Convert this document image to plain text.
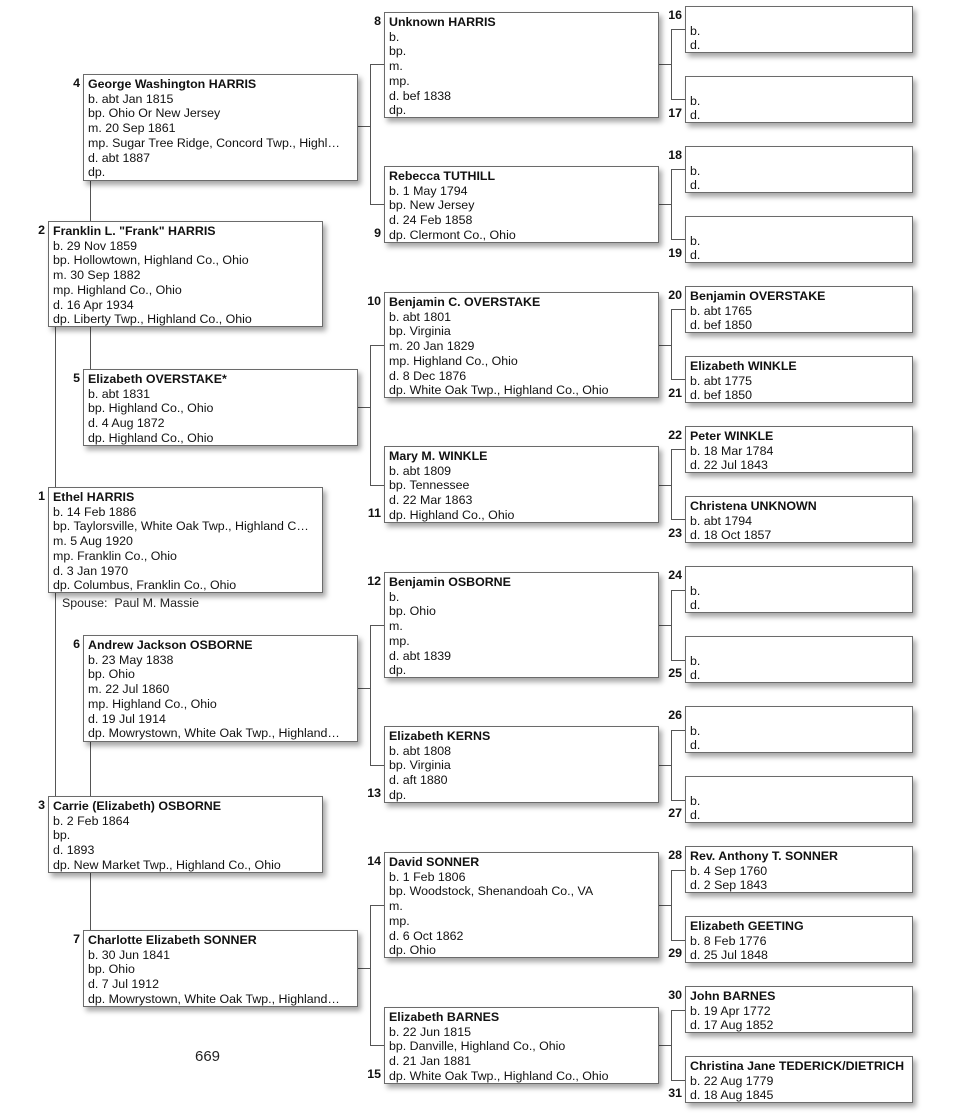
Ethel HARRIS
b. 14 Feb 1886
bp. Taylorsville, White Oak Twp., Highland C…
m. 5 Aug 1920
mp. Franklin Co., Ohio
d. 3 Jan 1970
dp. Columbus, Franklin Co., Ohio
1
Franklin L. "Frank" HARRIS
b. 29 Nov 1859
bp. Hollowtown, Highland Co., Ohio
m. 30 Sep 1882
mp. Highland Co., Ohio
d. 16 Apr 1934
dp. Liberty Twp., Highland Co., Ohio
2
Carrie (Elizabeth) OSBORNE
b. 2 Feb 1864
bp.
d. 1893
dp. New Market Twp., Highland Co., Ohio
3
George Washington HARRIS
b. abt Jan 1815
bp. Ohio Or New Jersey
m. 20 Sep 1861
mp. Sugar Tree Ridge, Concord Twp., Highl…
d. abt 1887
dp.
4
Elizabeth OVERSTAKE*
b. abt 1831
bp. Highland Co., Ohio
d. 4 Aug 1872
dp. Highland Co., Ohio
5
Andrew Jackson OSBORNE
b. 23 May 1838
bp. Ohio
m. 22 Jul 1860
mp. Highland Co., Ohio
d. 19 Jul 1914
dp. Mowrystown, White Oak Twp., Highland…
6
Charlotte Elizabeth SONNER
b. 30 Jun 1841
bp. Ohio
d. 7 Jul 1912
dp. Mowrystown, White Oak Twp., Highland…
7
Unknown HARRIS
b.
bp.
m.
mp.
d. bef 1838
dp.
8
Rebecca TUTHILL
b. 1 May 1794
bp. New Jersey
d. 24 Feb 1858
dp. Clermont Co., Ohio
9
Benjamin C. OVERSTAKE
b. abt 1801
bp. Virginia
m. 20 Jan 1829
mp. Highland Co., Ohio
d. 8 Dec 1876
dp. White Oak Twp., Highland Co., Ohio
10
Mary M. WINKLE
b. abt 1809
bp. Tennessee
d. 22 Mar 1863
dp. Highland Co., Ohio
11
Benjamin OSBORNE
b.
bp. Ohio
m.
mp.
d. abt 1839
dp.
12
Elizabeth KERNS
b. abt 1808
bp. Virginia
d. aft 1880
dp.
13
David SONNER
b. 1 Feb 1806
bp. Woodstock, Shenandoah Co., VA
m.
mp.
d. 6 Oct 1862
dp. Ohio
14
Elizabeth BARNES
b. 22 Jun 1815
bp. Danville, Highland Co., Ohio
d. 21 Jan 1881
dp. White Oak Twp., Highland Co., Ohio
15

b.
d.
16

b.
d.
17

b.
d.
18

b.
d.
19
Benjamin OVERSTAKE
b. abt 1765
d. bef 1850
20
Elizabeth WINKLE
b. abt 1775
d. bef 1850
21
Peter WINKLE
b. 18 Mar 1784
d. 22 Jul 1843
22
Christena UNKNOWN
b. abt 1794
d. 18 Oct 1857
23

b.
d.
24

b.
d.
25

b.
d.
26

b.
d.
27
Rev. Anthony T. SONNER
b. 4 Sep 1760
d. 2 Sep 1843
28
Elizabeth GEETING
b. 8 Feb 1776
d. 25 Jul 1848
29
John BARNES
b. 19 Apr 1772
d. 17 Aug 1852
30
Christina Jane TEDERICK/DIETRICH
b. 22 Aug 1779
d. 18 Aug 1845
31
Spouse: Paul M. Massie
669
